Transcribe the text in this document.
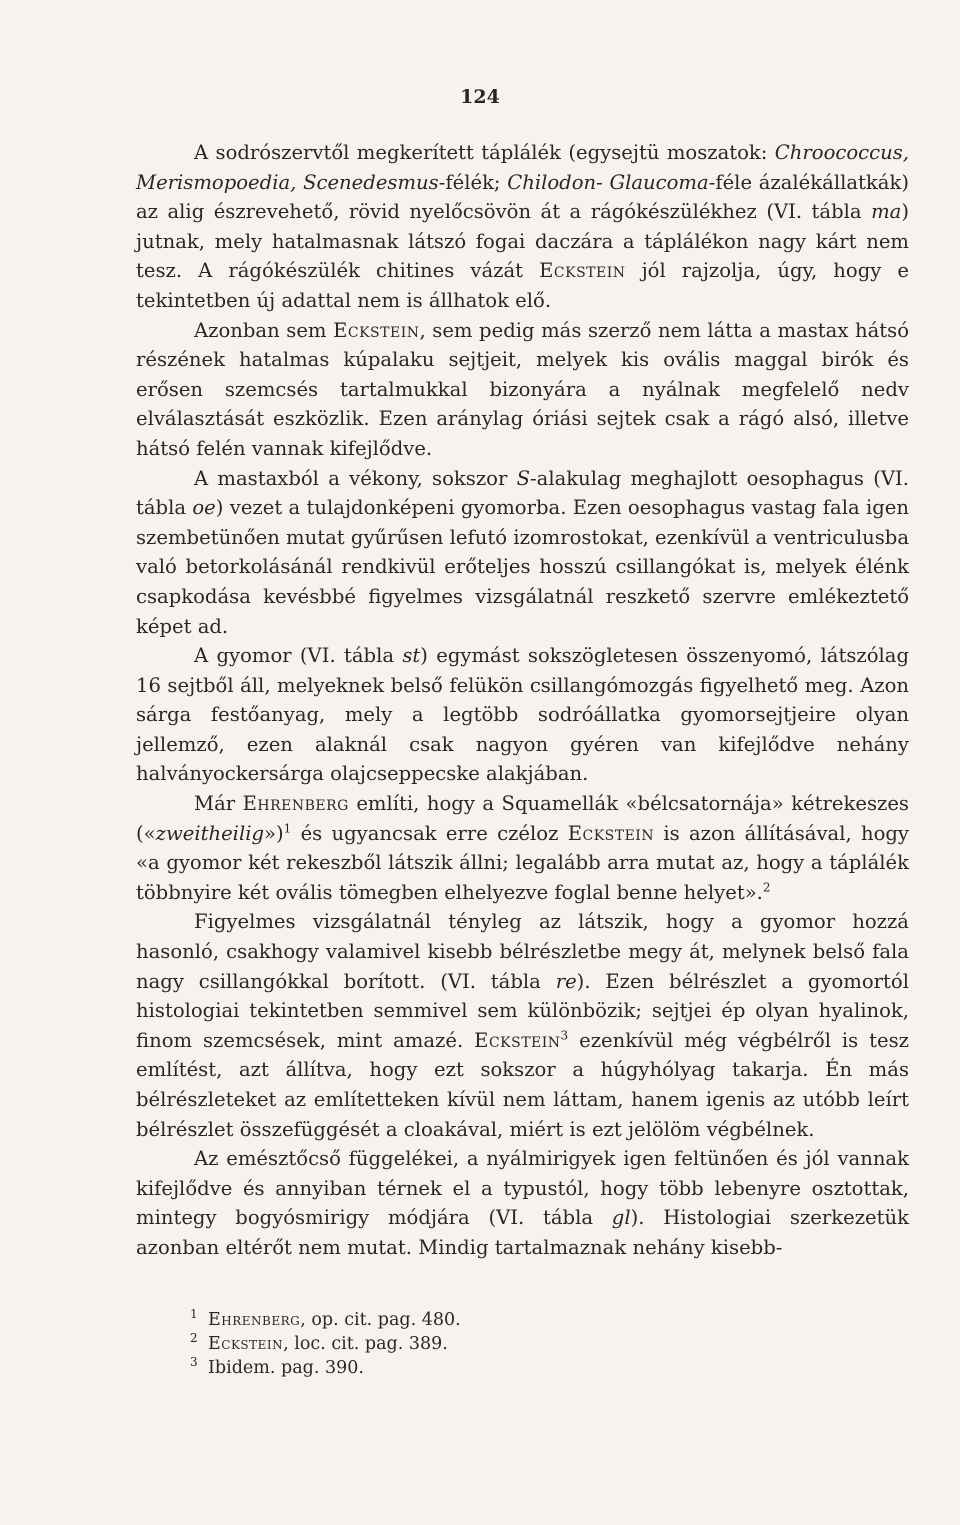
124

A sodrószervtől megkerített táplálék (egysejtü moszatok: Chroococcus, Merismopoedia, Scenedesmus-félék; Chilodon- Glaucoma-féle ázalékállatkák) az alig észrevehető, rövid nyelőcsövön át a rágókészülékhez (VI. tábla ma) jutnak, mely hatalmasnak látszó fogai daczára a táplálékon nagy kárt nem tesz. A rágókészülék chitines vázát Eckstein jól rajzolja, úgy, hogy e tekintetben új adattal nem is állhatok elő.

Azonban sem Eckstein, sem pedig más szerző nem látta a mastax hátsó részének hatalmas kúpalaku sejtjeit, melyek kis ovális maggal birók és erősen szemcsés tartalmukkal bizonyára a nyálnak megfelelő nedv elválasztását eszközlik. Ezen aránylag óriási sejtek csak a rágó alsó, illetve hátsó felén vannak kifejlődve.

A mastaxból a vékony, sokszor S-alakulag meghajlott oesophagus (VI. tábla oe) vezet a tulajdonképeni gyomorba. Ezen oesophagus vastag fala igen szembetünően mutat gyűrűsen lefutó izomrostokat, ezenkívül a ventriculusba való betorkolásánál rendkivül erőteljes hosszú csillangókat is, melyek élénk csapkodása kevésbbé figyelmes vizsgálatnál reszkető szervre emlékeztető képet ad.

A gyomor (VI. tábla st) egymást sokszögletesen összenyomó, látszólag 16 sejtből áll, melyeknek belső felükön csillangómozgás figyelhető meg. Azon sárga festőanyag, mely a legtöbb sodróállatka gyomorsejtjeire olyan jellemző, ezen alaknál csak nagyon gyéren van kifejlődve nehány halványockersárga olajcseppecske alakjában.

Már Ehrenberg említi, hogy a Squamellák «bélcsatornája» kétrekeszes («zweitheilig»)$^1$ és ugyancsak erre czéloz Eckstein is azon állításával, hogy «a gyomor két rekeszből látszik állni; legalább arra mutat az, hogy a táplálék többnyire két ovális tömegben elhelyezve foglal benne helyet».$^2$

Figyelmes vizsgálatnál tényleg az látszik, hogy a gyomor hozzá hasonló, csakhogy valamivel kisebb bélrészletbe megy át, melynek belső fala nagy csillangókkal borított. (VI. tábla re). Ezen bélrészlet a gyomortól histologiai tekintetben semmivel sem különbözik; sejtjei ép olyan hyalinok, finom szemcsések, mint amazé. Eckstein$^3$ ezenkívül még végbélről is tesz említést, azt állítva, hogy ezt sokszor a húgyhólyag takarja. Én más bélrészleteket az említetteken kívül nem láttam, hanem igenis az utóbb leírt bélrészlet összefüggését a cloakával, miért is ezt jelölöm végbélnek.

Az emésztőcső függelékei, a nyálmirigyek igen feltünően és jól vannak kifejlődve és annyiban térnek el a typustól, hogy több lebenyre osztottak, mintegy bogyósmirigy módjára (VI. tábla gl). Histologiai szerkezetük azonban eltérőt nem mutat. Mindig tartalmaznak nehány kisebb-

1 Ehrenberg, op. cit. pag. 480.
2 Eckstein, loc. cit. pag. 389.
3 Ibidem. pag. 390.
